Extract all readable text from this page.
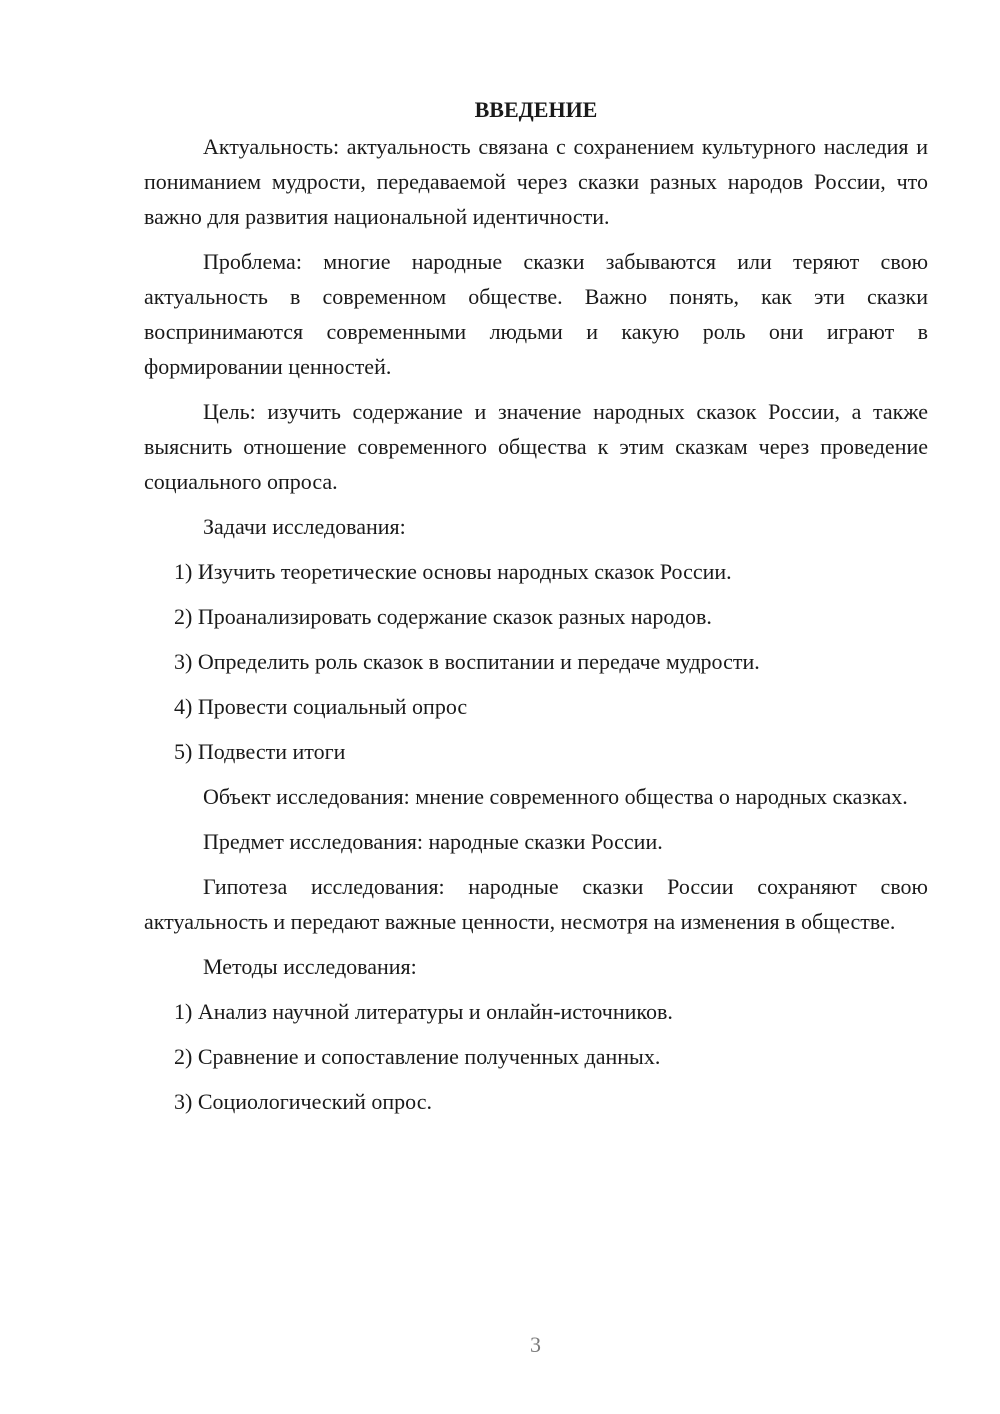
ВВЕДЕНИЕ

Актуальность: актуальность связана с сохранением культурного наследия и пониманием мудрости, передаваемой через сказки разных народов России, что важно для развития национальной идентичности.

Проблема: многие народные сказки забываются или теряют свою актуальность в современном обществе. Важно понять, как эти сказки воспринимаются современными людьми и какую роль они играют в формировании ценностей.

Цель: изучить содержание и значение народных сказок России, а также выяснить отношение современного общества к этим сказкам через проведение социального опроса.

Задачи исследования:

1) Изучить теоретические основы народных сказок России.

2) Проанализировать содержание сказок разных народов.

3) Определить роль сказок в воспитании и передаче мудрости.

4) Провести социальный опрос

5) Подвести итоги

Объект исследования: мнение современного общества о народных сказках.

Предмет исследования: народные сказки России.

Гипотеза исследования: народные сказки России сохраняют свою актуальность и передают важные ценности, несмотря на изменения в обществе.

Методы исследования:

1) Анализ научной литературы и онлайн-источников.

2) Сравнение и сопоставление полученных данных.

3) Социологический опрос.

3
